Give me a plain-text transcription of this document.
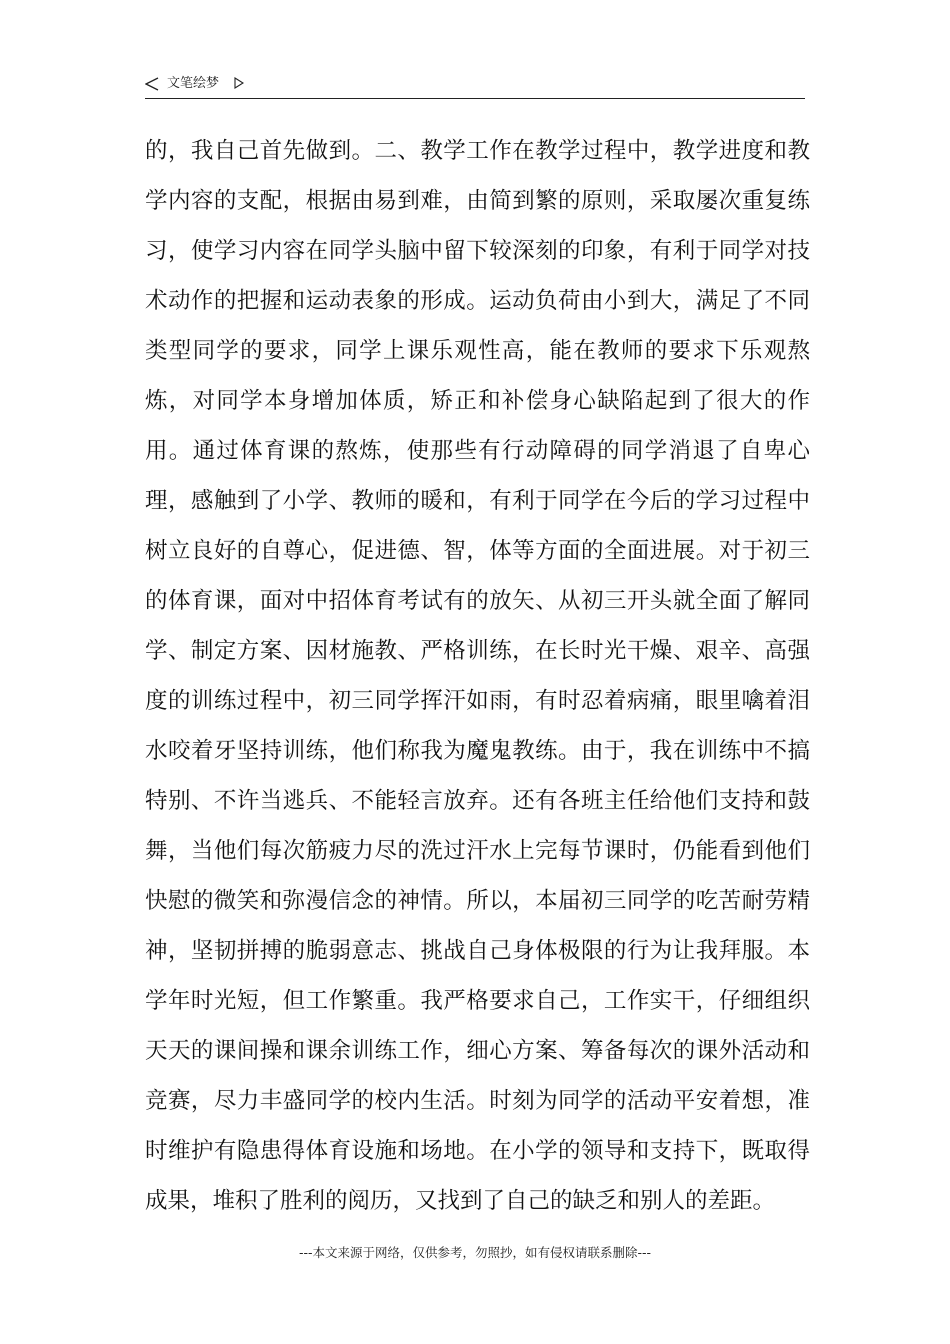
文笔绘梦
的，我自己首先做到。二、教学工作在教学过程中，教学进度和教
学内容的支配，根据由易到难，由简到繁的原则，采取屡次重复练
习，使学习内容在同学头脑中留下较深刻的印象，有利于同学对技
术动作的把握和运动表象的形成。运动负荷由小到大，满足了不同
类型同学的要求，同学上课乐观性高，能在教师的要求下乐观熬
炼，对同学本身增加体质，矫正和补偿身心缺陷起到了很大的作
用。通过体育课的熬炼，使那些有行动障碍的同学消退了自卑心
理，感触到了小学、教师的暖和，有利于同学在今后的学习过程中
树立良好的自尊心，促进德、智，体等方面的全面进展。对于初三
的体育课，面对中招体育考试有的放矢、从初三开头就全面了解同
学、制定方案、因材施教、严格训练，在长时光干燥、艰辛、高强
度的训练过程中，初三同学挥汗如雨，有时忍着病痛，眼里噙着泪
水咬着牙坚持训练，他们称我为魔鬼教练。由于，我在训练中不搞
特别、不许当逃兵、不能轻言放弃。还有各班主任给他们支持和鼓
舞，当他们每次筋疲力尽的洗过汗水上完每节课时，仍能看到他们
快慰的微笑和弥漫信念的神情。所以，本届初三同学的吃苦耐劳精
神，坚韧拼搏的脆弱意志、挑战自己身体极限的行为让我拜服。本
学年时光短，但工作繁重。我严格要求自己，工作实干，仔细组织
天天的课间操和课余训练工作，细心方案、筹备每次的课外活动和
竞赛，尽力丰盛同学的校内生活。时刻为同学的活动平安着想，准
时维护有隐患得体育设施和场地。在小学的领导和支持下，既取得
成果，堆积了胜利的阅历，又找到了自己的缺乏和别人的差距。
---本文来源于网络，仅供参考，勿照抄，如有侵权请联系删除---
